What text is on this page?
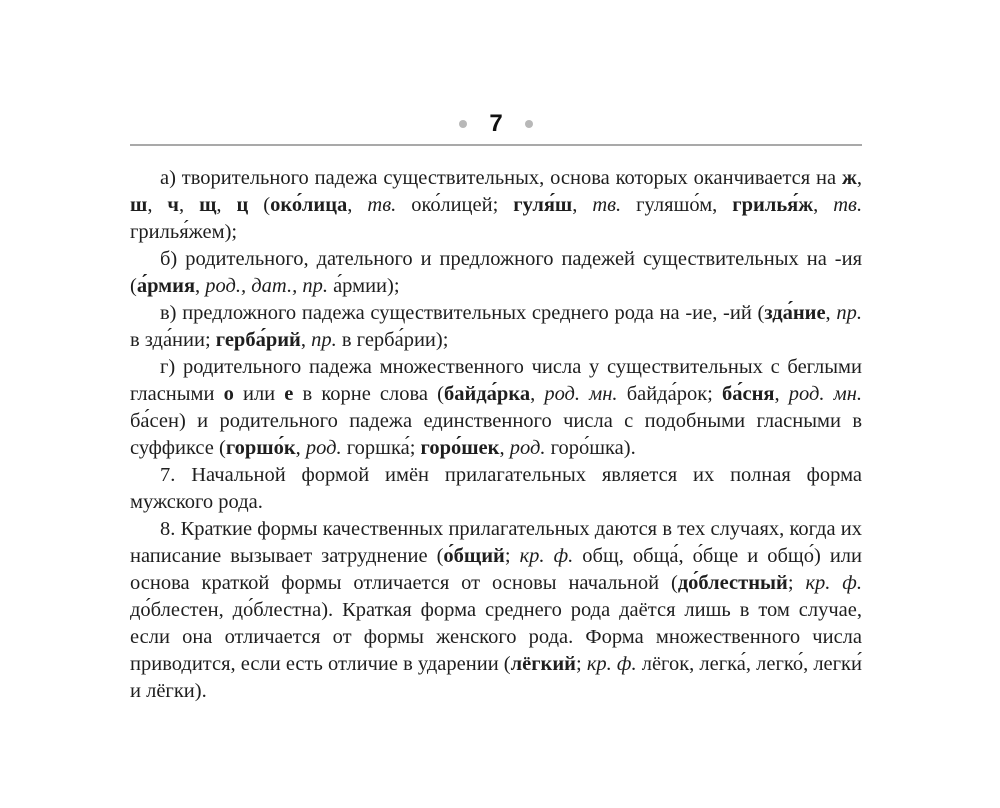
7

а) творительного падежа существительных, основа которых оканчивается на ж, ш, ч, щ, ц (око́лица, тв. око́лицей; гуля́ш, тв. гуляшо́м, грилья́ж, тв. грилья́жем);

б) родительного, дательного и предложного падежей существительных на -ия (а́рмия, род., дат., пр. а́рмии);

в) предложного падежа существительных среднего рода на -ие, -ий (зда́ние, пр. в зда́нии; герба́рий, пр. в герба́рии);

г) родительного падежа множественного числа у существительных с беглыми гласными о или е в корне слова (байда́рка, род. мн. байда́рок; ба́сня, род. мн. ба́сен) и родительного падежа единственного числа с подобными гласными в суффиксе (горшо́к, род. горшка́; горо́шек, род. горо́шка).

7. Начальной формой имён прилагательных является их полная форма мужского рода.

8. Краткие формы качественных прилагательных даются в тех случаях, когда их написание вызывает затруднение (о́бщий; кр. ф. общ, обща́, о́бще и общо́) или основа краткой формы отличается от основы начальной (до́блестный; кр. ф. до́блестен, до́блестна). Краткая форма среднего рода даётся лишь в том случае, если она отличается от формы женского рода. Форма множественного числа приводится, если есть отличие в ударении (лёгкий; кр. ф. лёгок, легка́, легко́, легки́ и лёгки).
